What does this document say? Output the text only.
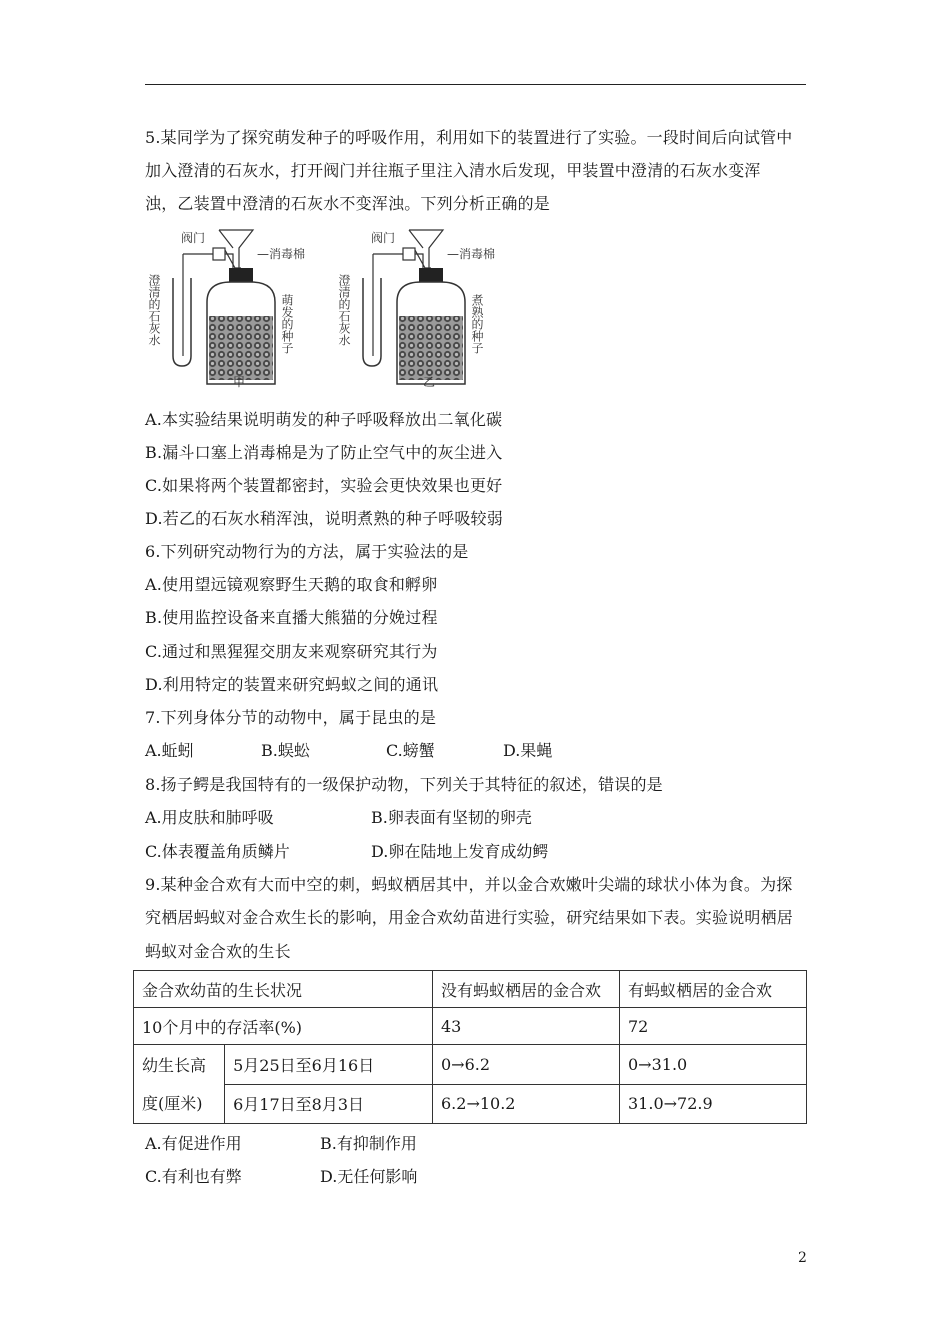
5.某同学为了探究萌发种子的呼吸作用，利用如下的装置进行了实验。一段时间后向试管中
加入澄清的石灰水，打开阀门并往瓶子里注入清水后发现，甲装置中澄清的石灰水变浑
浊，乙装置中澄清的石灰水不变浑浊。下列分析正确的是
阀门
—消毒棉
澄清的石灰水	萌发的种子
甲
阀门
—消毒棉
澄清的石灰水	煮熟的种子
乙
A.本实验结果说明萌发的种子呼吸释放出二氧化碳
B.漏斗口塞上消毒棉是为了防止空气中的灰尘进入
C.如果将两个装置都密封，实验会更快效果也更好
D.若乙的石灰水稍浑浊，说明煮熟的种子呼吸较弱
6.下列研究动物行为的方法，属于实验法的是
A.使用望远镜观察野生天鹅的取食和孵卵
B.使用监控设备来直播大熊猫的分娩过程
C.通过和黑猩猩交朋友来观察研究其行为
D.利用特定的装置来研究蚂蚁之间的通讯
7.下列身体分节的动物中，属于昆虫的是
A.蚯蚓	B.蜈蚣	C.螃蟹	D.果蝇
8.扬子鳄是我国特有的一级保护动物，下列关于其特征的叙述，错误的是
A.用皮肤和肺呼吸	B.卵表面有坚韧的卵壳
C.体表覆盖角质鳞片	D.卵在陆地上发育成幼鳄
9.某种金合欢有大而中空的刺，蚂蚁栖居其中，并以金合欢嫩叶尖端的球状小体为食。为探
究栖居蚂蚁对金合欢生长的影响，用金合欢幼苗进行实验，研究结果如下表。实验说明栖居
蚂蚁对金合欢的生长
金合欢幼苗的生长状况		没有蚂蚁栖居的金合欢	有蚂蚁栖居的金合欢
10个月中的存活率(%)		43	72

幼生长高
度(厘米)	5月25日至6月16日	0→6.2	0→31.0
	6月17日至8月3日	6.2→10.2	31.0→72.9
A.有促进作用	B.有抑制作用
C.有利也有弊	D.无任何影响
2
